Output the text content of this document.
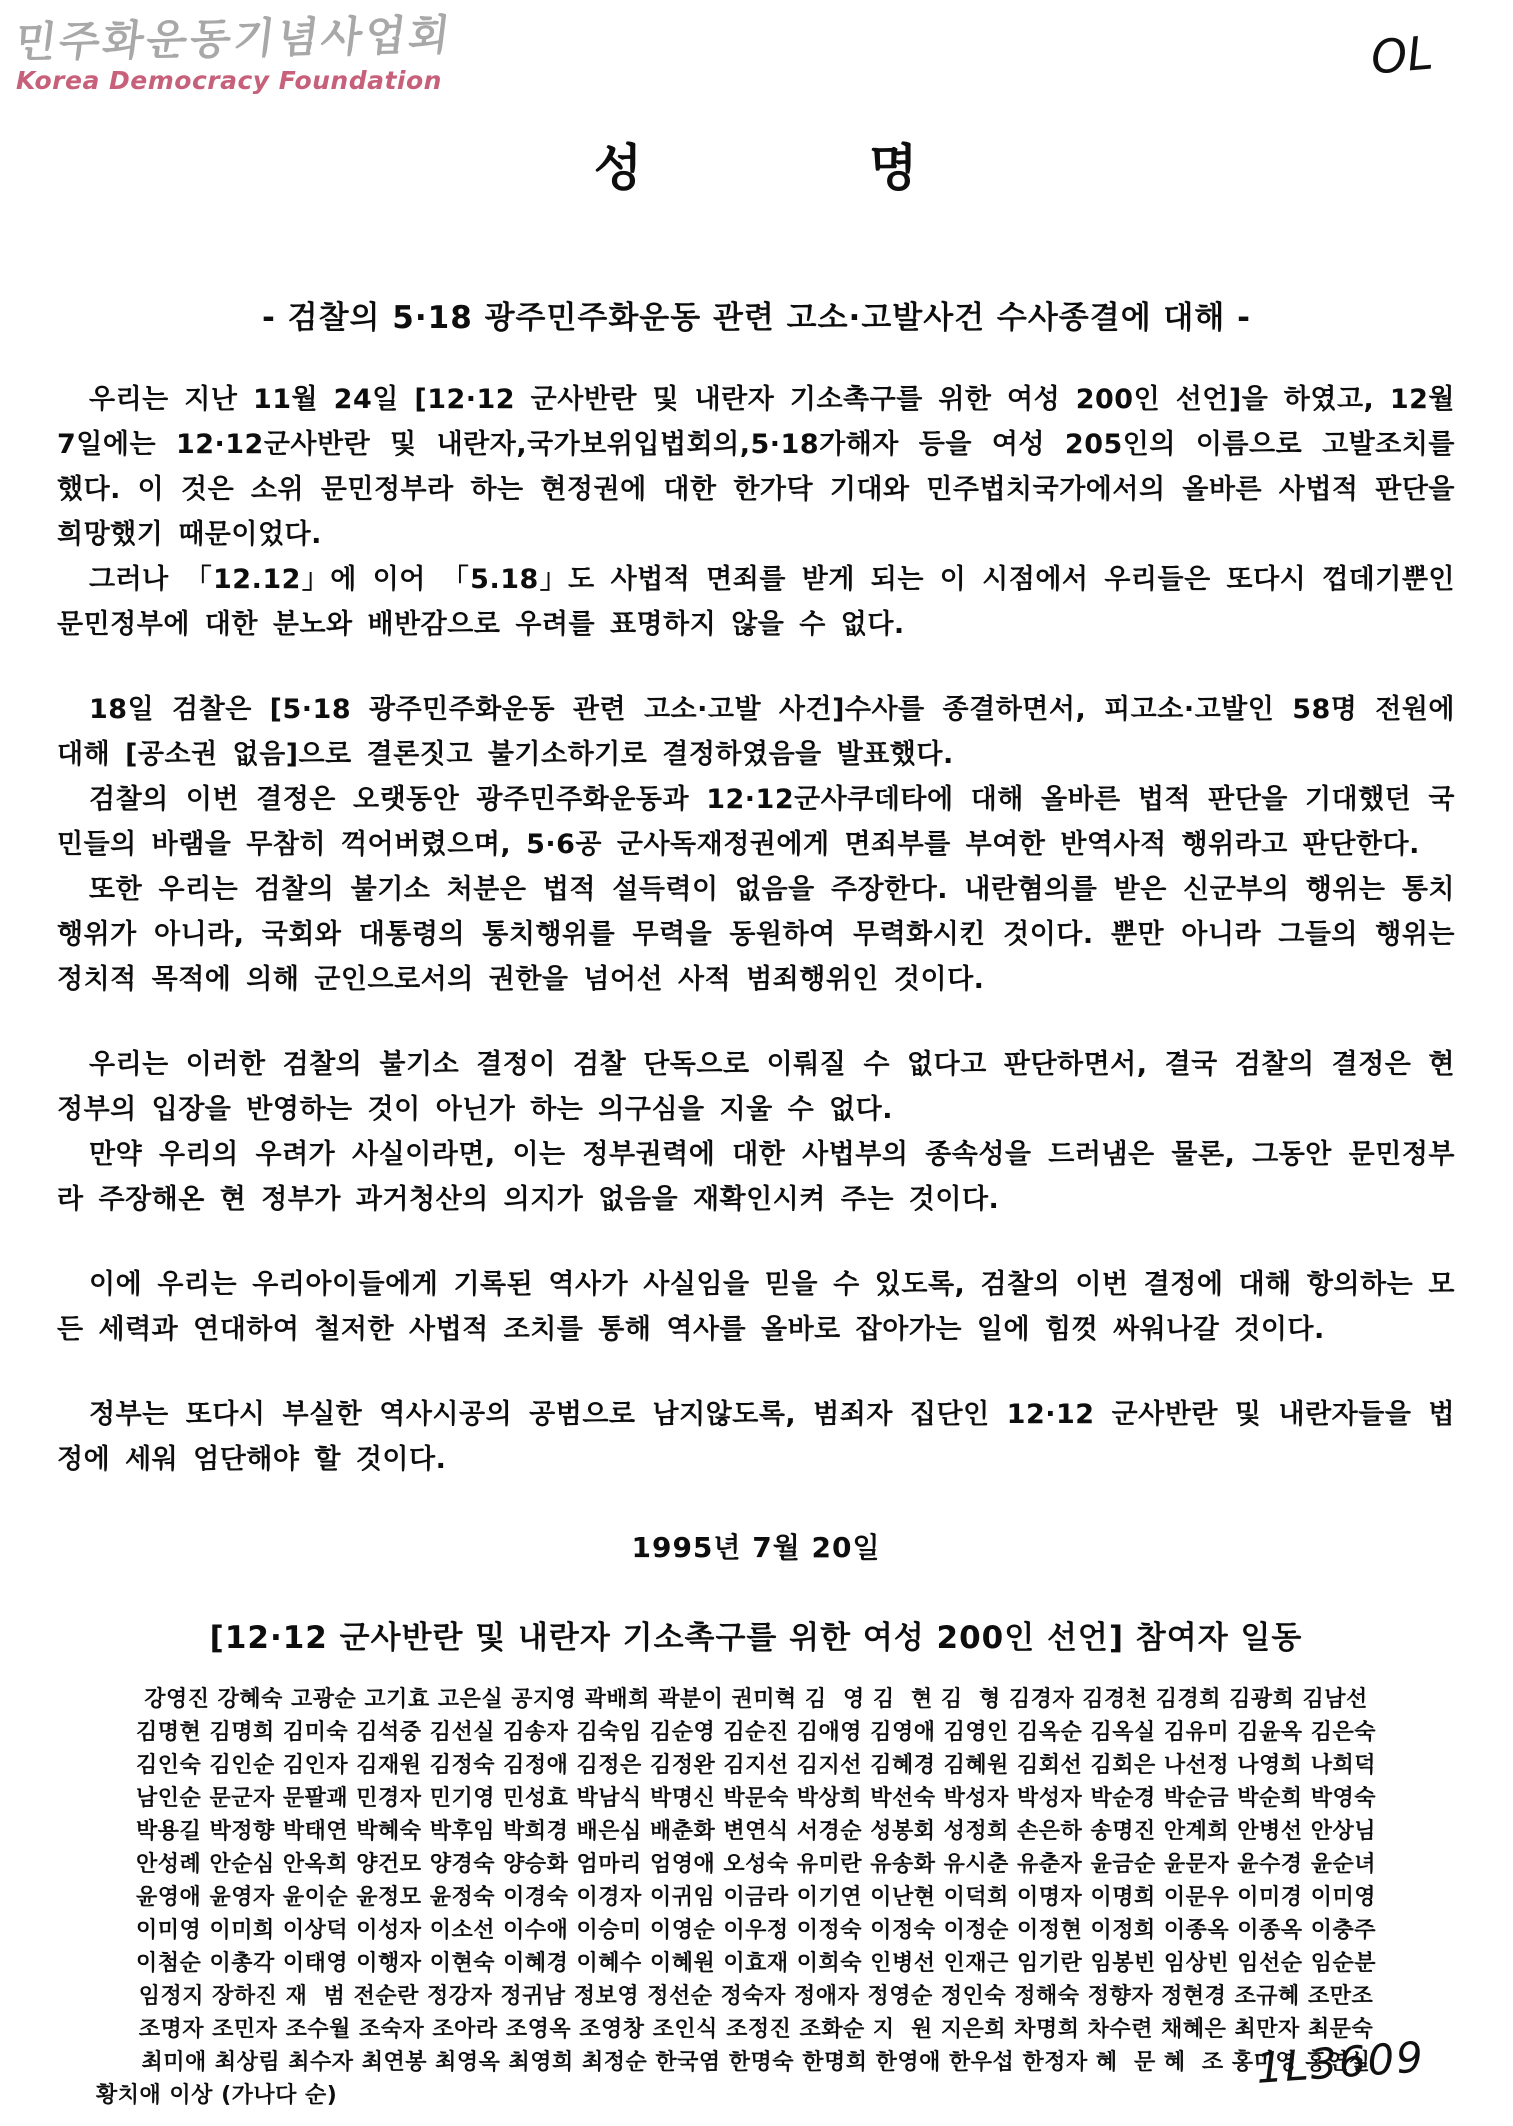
민주화운동기념사업회
Korea Democracy Foundation	OL
성	명
- 검찰의 5·18 광주민주화운동 관련 고소·고발사건 수사종결에 대해 -

우리는 지난 11월 24일 [12·12 군사반란 및 내란자 기소촉구를 위한 여성 200인 선언]을 하였고, 12월 7일에는 12·12군사반란 및 내란자,국가보위입법회의,5·18가해자 등을 여성 205인의 이름으로 고발조치를 했다. 이 것은 소위 문민정부라 하는 현정권에 대한 한가닥 기대와 민주법치국가에서의 올바른 사법적 판단을 희망했기 때문이었다.

그러나 「12.12」에 이어 「5.18」도 사법적 면죄를 받게 되는 이 시점에서 우리들은 또다시 껍데기뿐인 문민정부에 대한 분노와 배반감으로 우려를 표명하지 않을 수 없다.

18일 검찰은 [5·18 광주민주화운동 관련 고소·고발 사건]수사를 종결하면서, 피고소·고발인 58명 전원에 대해 [공소권 없음]으로 결론짓고 불기소하기로 결정하였음을 발표했다.

검찰의 이번 결정은 오랫동안 광주민주화운동과 12·12군사쿠데타에 대해 올바른 법적 판단을 기대했던 국민들의 바램을 무참히 꺽어버렸으며, 5·6공 군사독재정권에게 면죄부를 부여한 반역사적 행위라고 판단한다.

또한 우리는 검찰의 불기소 처분은 법적 설득력이 없음을 주장한다. 내란혐의를 받은 신군부의 행위는 통치행위가 아니라, 국회와 대통령의 통치행위를 무력을 동원하여 무력화시킨 것이다. 뿐만 아니라 그들의 행위는 정치적 목적에 의해 군인으로서의 권한을 넘어선 사적 범죄행위인 것이다.

우리는 이러한 검찰의 불기소 결정이 검찰 단독으로 이뤄질 수 없다고 판단하면서, 결국 검찰의 결정은 현 정부의 입장을 반영하는 것이 아닌가 하는 의구심을 지울 수 없다.

만약 우리의 우려가 사실이라면, 이는 정부권력에 대한 사법부의 종속성을 드러냄은 물론, 그동안 문민정부라 주장해온 현 정부가 과거청산의 의지가 없음을 재확인시켜 주는 것이다.

이에 우리는 우리아이들에게 기록된 역사가 사실임을 믿을 수 있도록, 검찰의 이번 결정에 대해 항의하는 모든 세력과 연대하여 철저한 사법적 조치를 통해 역사를 올바로 잡아가는 일에 힘껏 싸워나갈 것이다.

정부는 또다시 부실한 역사시공의 공범으로 남지않도록, 범죄자 집단인 12·12 군사반란 및 내란자들을 법정에 세워 엄단해야 할 것이다.

1995년 7월 20일
[12·12 군사반란 및 내란자 기소촉구를 위한 여성 200인 선언] 참여자 일동
강영진 강혜숙 고광순 고기효 고은실 공지영 곽배희 곽분이 권미혁 김  영 김  현 김  형 김경자 김경천 김경희 김광희 김남선
김명현 김명희 김미숙 김석중 김선실 김송자 김숙임 김순영 김순진 김애영 김영애 김영인 김옥순 김옥실 김유미 김윤옥 김은숙
김인숙 김인순 김인자 김재원 김정숙 김정애 김정은 김정완 김지선 김지선 김혜경 김혜원 김회선 김회은 나선정 나영희 나희덕
남인순 문군자 문팔괘 민경자 민기영 민성효 박남식 박명신 박문숙 박상희 박선숙 박성자 박성자 박순경 박순금 박순희 박영숙
박용길 박정향 박태연 박혜숙 박후임 박희경 배은심 배춘화 변연식 서경순 성봉회 성정희 손은하 송명진 안계희 안병선 안상님
안성례 안순심 안옥희 양건모 양경숙 양승화 엄마리 엄영애 오성숙 유미란 유송화 유시춘 유춘자 윤금순 윤문자 윤수경 윤순녀
윤영애 윤영자 윤이순 윤정모 윤정숙 이경숙 이경자 이귀임 이금라 이기연 이난현 이덕희 이명자 이명희 이문우 이미경 이미영
이미영 이미희 이상덕 이성자 이소선 이수애 이승미 이영순 이우정 이정숙 이정숙 이정순 이정현 이정희 이종옥 이종옥 이충주
이첨순 이총각 이태영 이행자 이현숙 이혜경 이혜수 이혜원 이효재 이희숙 인병선 인재근 임기란 임봉빈 임상빈 임선순 임순분
임정지 장하진 재  범 전순란 정강자 정귀남 정보영 정선순 정숙자 정애자 정영순 정인숙 정해숙 정향자 정현경 조규혜 조만조
조명자 조민자 조수월 조숙자 조아라 조영옥 조영창 조인식 조정진 조화순 지  원 지은희 차명희 차수련 채혜은 최만자 최문숙
최미애 최상림 최수자 최연봉 최영옥 최영희 최정순 한국염 한명숙 한명희 한영애 한우섭 한정자 혜  문 혜  조 홍미영 홍연실
황치애 이상 (가나다 순)
1L3609
